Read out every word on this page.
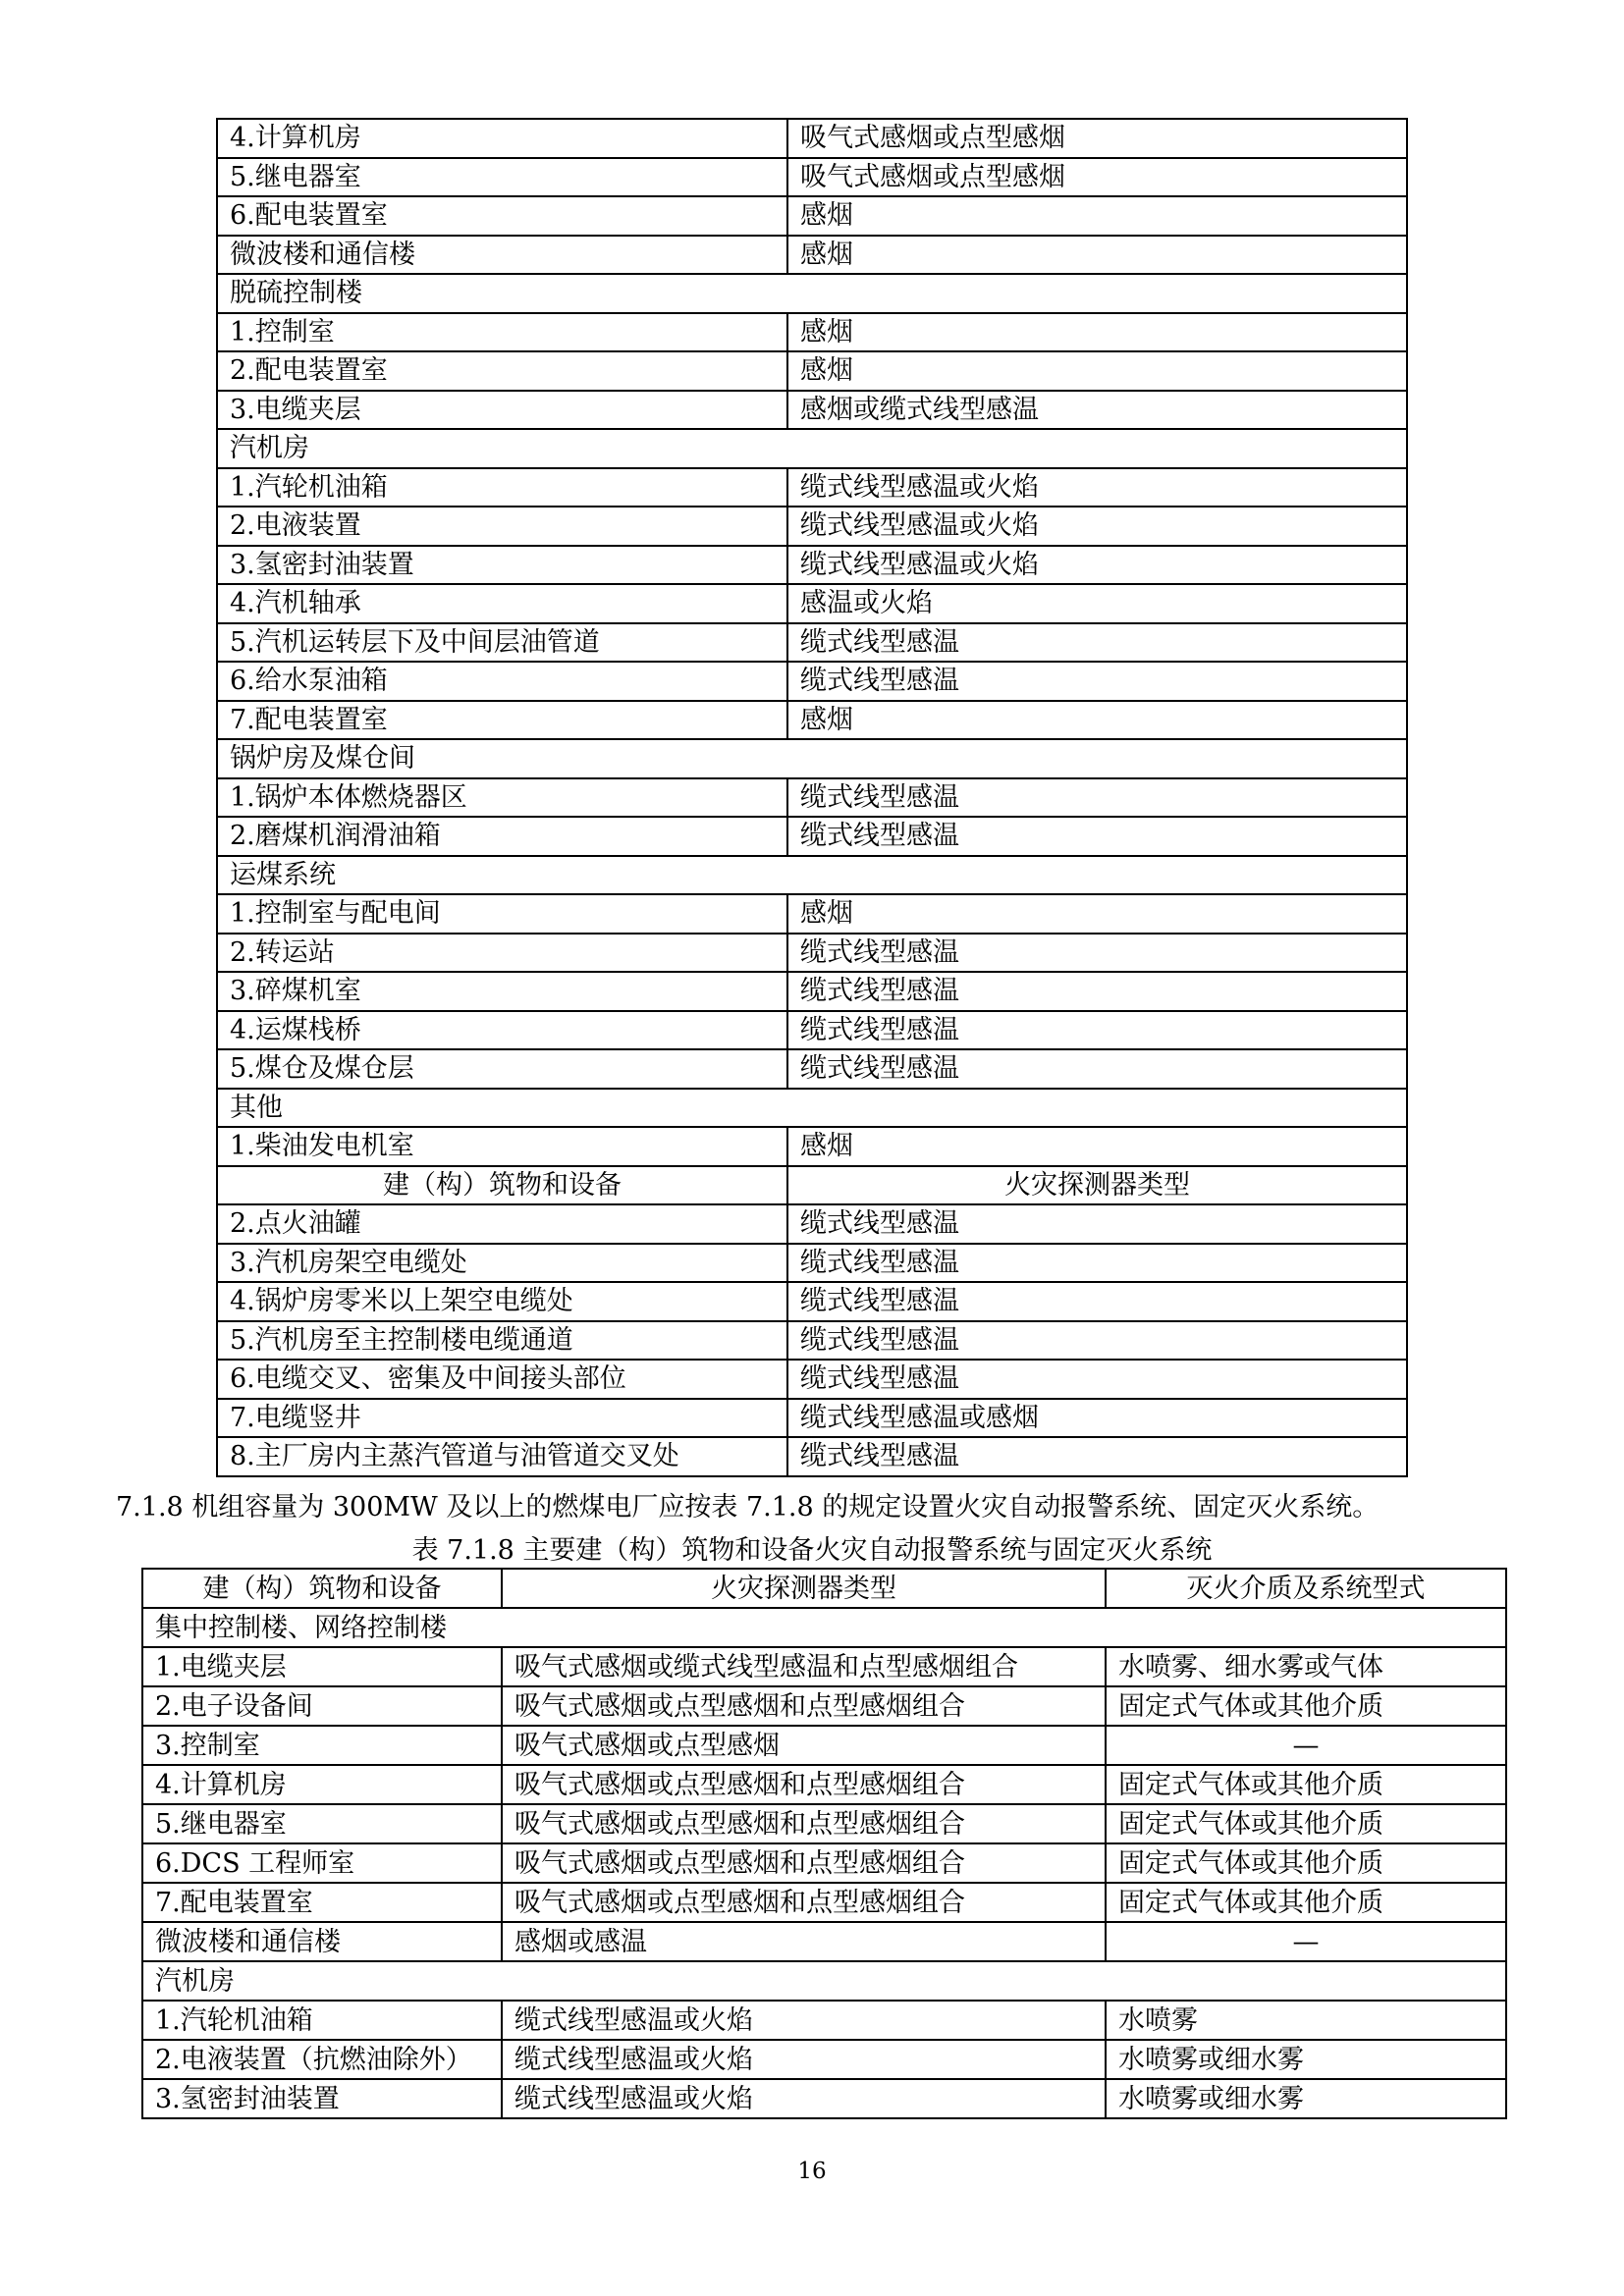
4.计算机房	吸气式感烟或点型感烟
5.继电器室	吸气式感烟或点型感烟
6.配电装置室	感烟
微波楼和通信楼	感烟
脱硫控制楼	
1.控制室	感烟
2.配电装置室	感烟
3.电缆夹层	感烟或缆式线型感温
汽机房	
1.汽轮机油箱	缆式线型感温或火焰
2.电液装置	缆式线型感温或火焰
3.氢密封油装置	缆式线型感温或火焰
4.汽机轴承	感温或火焰
5.汽机运转层下及中间层油管道	缆式线型感温
6.给水泵油箱	缆式线型感温
7.配电装置室	感烟
锅炉房及煤仓间	
1.锅炉本体燃烧器区	缆式线型感温
2.磨煤机润滑油箱	缆式线型感温
运煤系统	
1.控制室与配电间	感烟
2.转运站	缆式线型感温
3.碎煤机室	缆式线型感温
4.运煤栈桥	缆式线型感温
5.煤仓及煤仓层	缆式线型感温
其他	
1.柴油发电机室	感烟
建（构）筑物和设备	火灾探测器类型
2.点火油罐	缆式线型感温
3.汽机房架空电缆处	缆式线型感温
4.锅炉房零米以上架空电缆处	缆式线型感温
5.汽机房至主控制楼电缆通道	缆式线型感温
6.电缆交叉、密集及中间接头部位	缆式线型感温
7.电缆竖井	缆式线型感温或感烟
8.主厂房内主蒸汽管道与油管道交叉处	缆式线型感温
7.1.8 机组容量为 300MW 及以上的燃煤电厂应按表 7.1.8 的规定设置火灾自动报警系统、固定灭火系统。
表 7.1.8 主要建（构）筑物和设备火灾自动报警系统与固定灭火系统
建（构）筑物和设备	火灾探测器类型	灭火介质及系统型式
集中控制楼、网络控制楼		
1.电缆夹层	吸气式感烟或缆式线型感温和点型感烟组合	水喷雾、细水雾或气体
2.电子设备间	吸气式感烟或点型感烟和点型感烟组合	固定式气体或其他介质
3.控制室	吸气式感烟或点型感烟	—
4.计算机房	吸气式感烟或点型感烟和点型感烟组合	固定式气体或其他介质
5.继电器室	吸气式感烟或点型感烟和点型感烟组合	固定式气体或其他介质
6.DCS 工程师室	吸气式感烟或点型感烟和点型感烟组合	固定式气体或其他介质
7.配电装置室	吸气式感烟或点型感烟和点型感烟组合	固定式气体或其他介质
微波楼和通信楼	感烟或感温	—
汽机房		
1.汽轮机油箱	缆式线型感温或火焰	水喷雾
2.电液装置（抗燃油除外）	缆式线型感温或火焰	水喷雾或细水雾
3.氢密封油装置	缆式线型感温或火焰	水喷雾或细水雾
16
